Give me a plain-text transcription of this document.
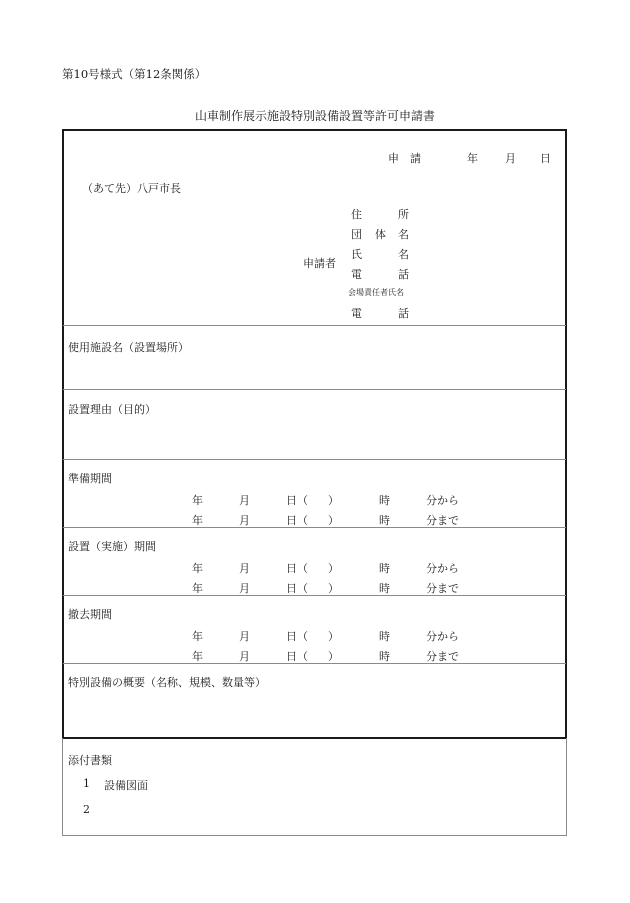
第10号様式（第12条関係）
山車制作展示施設特別設備設置等許可申請書
申　請	年 月 日
（あて先）八戸市長
申請者
住	所
団 体 名
氏	名
電	話
会場責任者氏名
電	話
使用施設名（設置場所）
設置理由（目的）
準備期間
年	月	日（ ）	時	分から
年	月	日（ ）	時	分まで
設置（実施）期間
年	月	日（ ）	時	分から
年	月	日（ ）	時	分まで
撤去期間
年	月	日（ ）	時	分から
年	月	日（ ）	時	分まで
特別設備の概要（名称、規模、数量等）
添付書類
1 設備図面
2
